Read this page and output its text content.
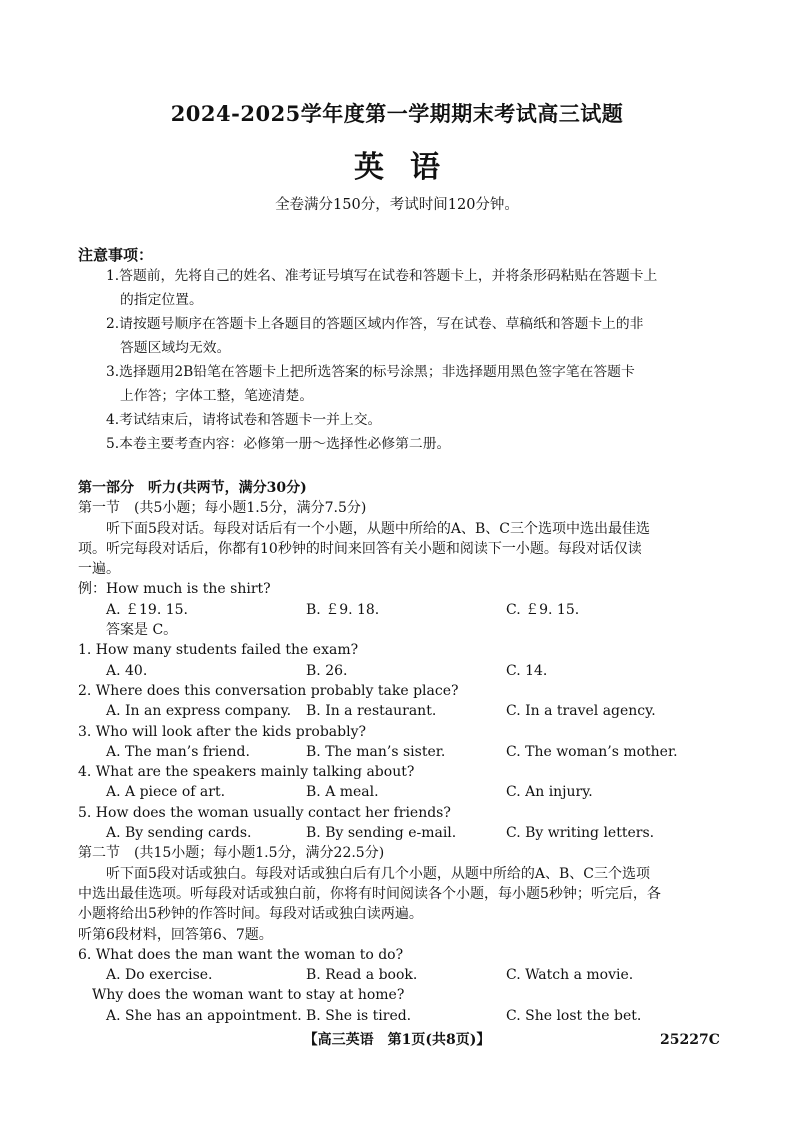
2024-2025学年度第一学期期末考试高三试题
英语
全卷满分150分，考试时间120分钟。
注意事项：

1.答题前，先将自己的姓名、准考证号填写在试卷和答题卡上，并将条形码粘贴在答题卡上
的指定位置。

2.请按题号顺序在答题卡上各题目的答题区域内作答，写在试卷、草稿纸和答题卡上的非
答题区域均无效。

3.选择题用2B铅笔在答题卡上把所选答案的标号涂黑；非选择题用黑色签字笔在答题卡
上作答；字体工整，笔迹清楚。

4.考试结束后，请将试卷和答题卡一并上交。

5.本卷主要考查内容：必修第一册～选择性必修第二册。

第一部分　听力(共两节，满分30分)

第一节　(共5小题；每小题1.5分，满分7.5分)

听下面5段对话。每段对话后有一个小题，从题中所给的A、B、C三个选项中选出最佳选

项。听完每段对话后，你都有10秒钟的时间来回答有关小题和阅读下一小题。每段对话仅读

一遍。

例：How much is the shirt?

A. ￡19. 15.	B. ￡9. 18.	C. ￡9. 15.

答案是 C。

1. How many students failed the exam?

A. 40.	B. 26.	C. 14.

2. Where does this conversation probably take place?

A. In an express company.	B. In a restaurant.	C. In a travel agency.

3. Who will look after the kids probably?

A. The man’s friend.	B. The man’s sister.	C. The woman’s mother.

4. What are the speakers mainly talking about?

A. A piece of art.	B. A meal.	C. An injury.

5. How does the woman usually contact her friends?

A. By sending cards.	B. By sending e-mail.	C. By writing letters.

第二节　(共15小题；每小题1.5分，满分22.5分)

听下面5段对话或独白。每段对话或独白后有几个小题，从题中所给的A、B、C三个选项

中选出最佳选项。听每段对话或独白前，你将有时间阅读各个小题，每小题5秒钟；听完后，各

小题将给出5秒钟的作答时间。每段对话或独白读两遍。

听第6段材料，回答第6、7题。

6. What does the man want the woman to do?

A. Do exercise.	B. Read a book.	C. Watch a movie.

Why does the woman want to stay at home?

A. She has an appointment. B. She is tired.	C. She lost the bet.
【高三英语　第1页(共8页)】	25227C
